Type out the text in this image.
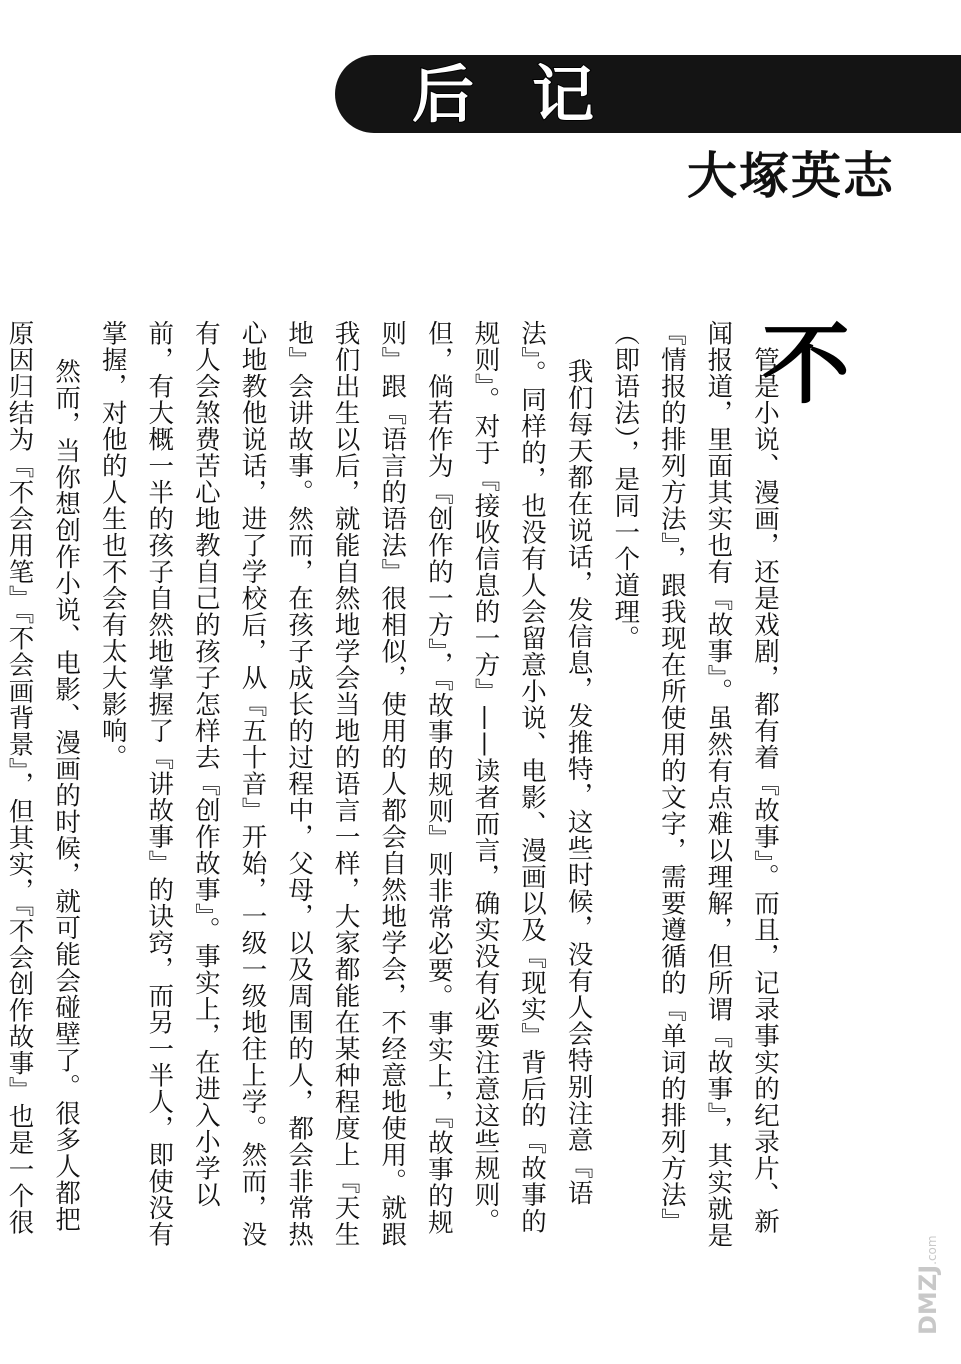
后记
大塚英志
不

　管是小说、漫画，还是戏剧，都有着『故事』。而且，记录事实的纪录片、新闻报道，里面其实也有『故事』。虽然有点难以理解，但所谓『故事』，其实就是『情报的排列方法』，跟我现在所使用的文字，需要遵循的『单词的排列方法』（即语法），是同一个道理。

我们每天都在说话，发信息，发推特，这些时候，没有人会特别注意『语法』。同样的，也没有人会留意小说、电影、漫画以及『现实』背后的『故事的规则』。对于『接收信息的一方』——读者而言，确实没有必要注意这些规则。但，倘若作为『创作的一方』，『故事的规则』则非常必要。事实上，『故事的规则』跟『语言的语法』很相似，使用的人都会自然地学会，不经意地使用。就跟我们出生以后，就能自然地学会当地的语言一样，大家都能在某种程度上『天生地』会讲故事。然而，在孩子成长的过程中，父母，以及周围的人，都会非常热心地教他说话，进了学校后，从『五十音』开始，一级一级地往上学。然而，没有人会煞费苦心地教自己的孩子怎样去『创作故事』。事实上，在进入小学以前，有大概一半的孩子自然地掌握了『讲故事』的诀窍，而另一半人，即使没有掌握，对他的人生也不会有太大影响。

然而，当你想创作小说、电影、漫画的时候，就可能会碰壁了。很多人都把原因归结为『不会用笔』『不会画背景』，但其实，『不会创作故事』也是一个很

DMZJ.com
